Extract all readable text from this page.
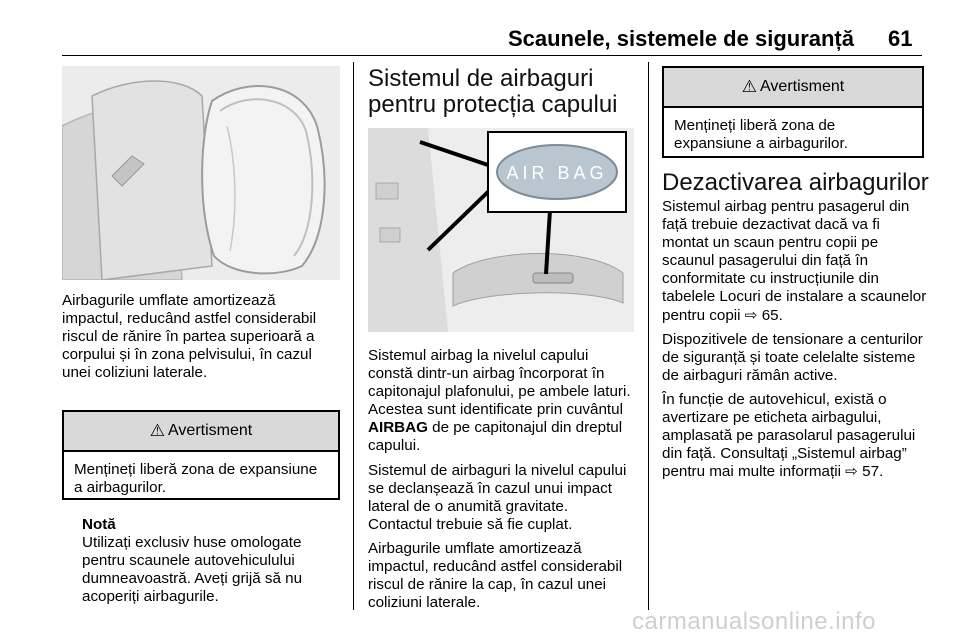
Scaunele, sistemele de siguranță 61

Airbagurile umflate amortizează impactul, reducând astfel considerabil riscul de rănire în partea superioară a corpului și în zona pelvisului, în cazul unei coliziuni laterale.

⚠ Avertisment
Mențineți liberă zona de expansiune a airbagurilor.

Notă

Utilizați exclusiv huse omologate pentru scaunele autovehiculului dumneavoastră. Aveți grijă să nu acoperiți airbagurile.

Sistemul de airbaguri pentru protecția capului
AIR BAG

Sistemul airbag la nivelul capului constă dintr-un airbag încorporat în capitonajul plafonului, pe ambele laturi. Acestea sunt identificate prin cuvântul AIRBAG de pe capitonajul din dreptul capului.

Sistemul de airbaguri la nivelul capului se declanșează în cazul unui impact lateral de o anumită gravitate. Contactul trebuie să fie cuplat.

Airbagurile umflate amortizează impactul, reducând astfel considerabil riscul de rănire la cap, în cazul unei coliziuni laterale.

⚠ Avertisment
Mențineți liberă zona de expansiune a airbagurilor.
Dezactivarea airbagurilor

Sistemul airbag pentru pasagerul din față trebuie dezactivat dacă va fi montat un scaun pentru copii pe scaunul pasagerului din față în conformitate cu instrucțiunile din tabelele Locuri de instalare a scaunelor pentru copii ⇨ 65.

Dispozitivele de tensionare a centurilor de siguranță și toate celelalte sisteme de airbaguri rămân active.

În funcție de autovehicul, există o avertizare pe eticheta airbagului, amplasată pe parasolarul pasagerului din față. Consultați „Sistemul airbag” pentru mai multe informații ⇨ 57.

carmanualsonline.info
